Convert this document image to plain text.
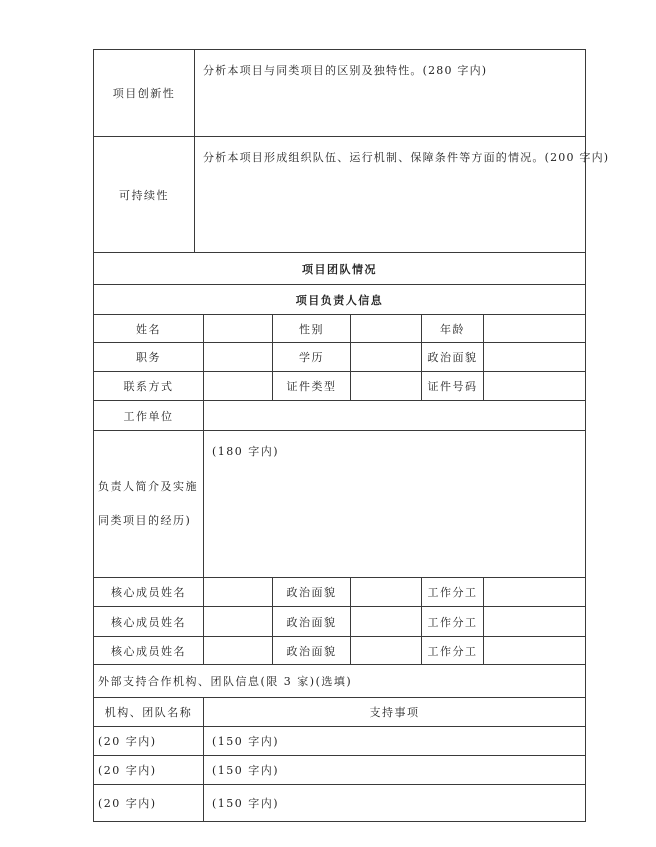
项目创新性	分析本项目与同类项目的区别及独特性。(280 字内)
可持续性	分析本项目形成组织队伍、运行机制、保障条件等方面的情况。(200 字内)
项目团队情况					
项目负责人信息					
姓名		性别		年龄	
职务		学历		政治面貌	
联系方式		证件类型		证件号码	
工作单位					

负责人简介及实施
同类项目的经历)	(180 字内)				
核心成员姓名		政治面貌		工作分工	
核心成员姓名		政治面貌		工作分工	
核心成员姓名		政治面貌		工作分工	
外部支持合作机构、团队信息(限 3 家)(选填)					
机构、团队名称	支持事项				
(20 字内)	(150 字内)				
(20 字内)	(150 字内)				
(20 字内)	(150 字内)				
